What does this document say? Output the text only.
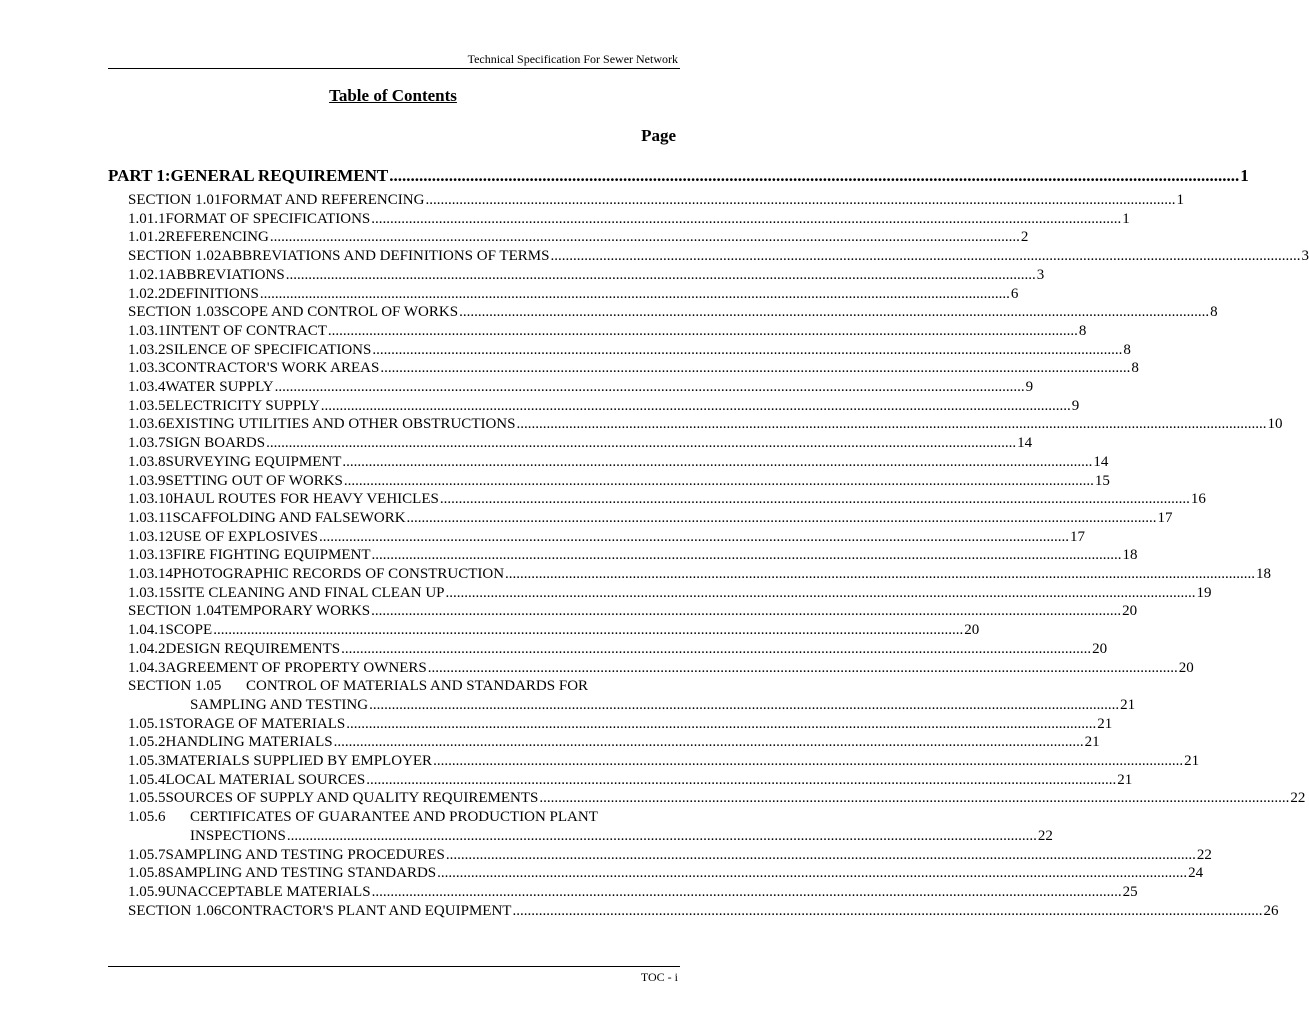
Technical Specification For Sewer Network
Table of Contents
Page
PART 1: GENERAL REQUIREMENT ........................................................................................................................................................................................................ 1
SECTION 1.01 FORMAT AND REFERENCING ........................................................................................................................................................................................................ 1
1.01.1 FORMAT OF SPECIFICATIONS ........................................................................................................................................................................................................ 1
1.01.2 REFERENCING ........................................................................................................................................................................................................ 2
SECTION 1.02 ABBREVIATIONS AND DEFINITIONS OF TERMS ........................................................................................................................................................................................................ 3
1.02.1 ABBREVIATIONS ........................................................................................................................................................................................................ 3
1.02.2 DEFINITIONS ........................................................................................................................................................................................................ 6
SECTION 1.03 SCOPE AND CONTROL OF WORKS ........................................................................................................................................................................................................ 8
1.03.1 INTENT OF CONTRACT ........................................................................................................................................................................................................ 8
1.03.2 SILENCE OF SPECIFICATIONS ........................................................................................................................................................................................................ 8
1.03.3 CONTRACTOR'S WORK AREAS ........................................................................................................................................................................................................ 8
1.03.4 WATER SUPPLY ........................................................................................................................................................................................................ 9
1.03.5 ELECTRICITY SUPPLY ........................................................................................................................................................................................................ 9
1.03.6 EXISTING UTILITIES AND OTHER OBSTRUCTIONS ........................................................................................................................................................................................................ 10
1.03.7 SIGN BOARDS ........................................................................................................................................................................................................ 14
1.03.8 SURVEYING EQUIPMENT ........................................................................................................................................................................................................ 14
1.03.9 SETTING OUT OF WORKS ........................................................................................................................................................................................................ 15
1.03.10 HAUL ROUTES FOR HEAVY VEHICLES ........................................................................................................................................................................................................ 16
1.03.11 SCAFFOLDING AND FALSEWORK ........................................................................................................................................................................................................ 17
1.03.12 USE OF EXPLOSIVES ........................................................................................................................................................................................................ 17
1.03.13 FIRE FIGHTING EQUIPMENT ........................................................................................................................................................................................................ 18
1.03.14 PHOTOGRAPHIC RECORDS OF CONSTRUCTION ........................................................................................................................................................................................................ 18
1.03.15 SITE CLEANING AND FINAL CLEAN UP ........................................................................................................................................................................................................ 19
SECTION 1.04 TEMPORARY WORKS ........................................................................................................................................................................................................ 20
1.04.1 SCOPE ........................................................................................................................................................................................................ 20
1.04.2 DESIGN REQUIREMENTS ........................................................................................................................................................................................................ 20
1.04.3 AGREEMENT OF PROPERTY OWNERS ........................................................................................................................................................................................................ 20
SECTION 1.05 CONTROL OF MATERIALS AND STANDARDS FOR
SAMPLING AND TESTING ........................................................................................................................................................................................................ 21
1.05.1 STORAGE OF MATERIALS ........................................................................................................................................................................................................ 21
1.05.2 HANDLING MATERIALS ........................................................................................................................................................................................................ 21
1.05.3 MATERIALS SUPPLIED BY EMPLOYER ........................................................................................................................................................................................................ 21
1.05.4 LOCAL MATERIAL SOURCES ........................................................................................................................................................................................................ 21
1.05.5 SOURCES OF SUPPLY AND QUALITY REQUIREMENTS ........................................................................................................................................................................................................ 22
1.05.6 CERTIFICATES OF GUARANTEE AND PRODUCTION PLANT
INSPECTIONS ........................................................................................................................................................................................................ 22
1.05.7 SAMPLING AND TESTING PROCEDURES ........................................................................................................................................................................................................ 22
1.05.8 SAMPLING AND TESTING STANDARDS ........................................................................................................................................................................................................ 24
1.05.9 UNACCEPTABLE MATERIALS ........................................................................................................................................................................................................ 25
SECTION 1.06 CONTRACTOR'S PLANT AND EQUIPMENT ........................................................................................................................................................................................................ 26
TOC - i
